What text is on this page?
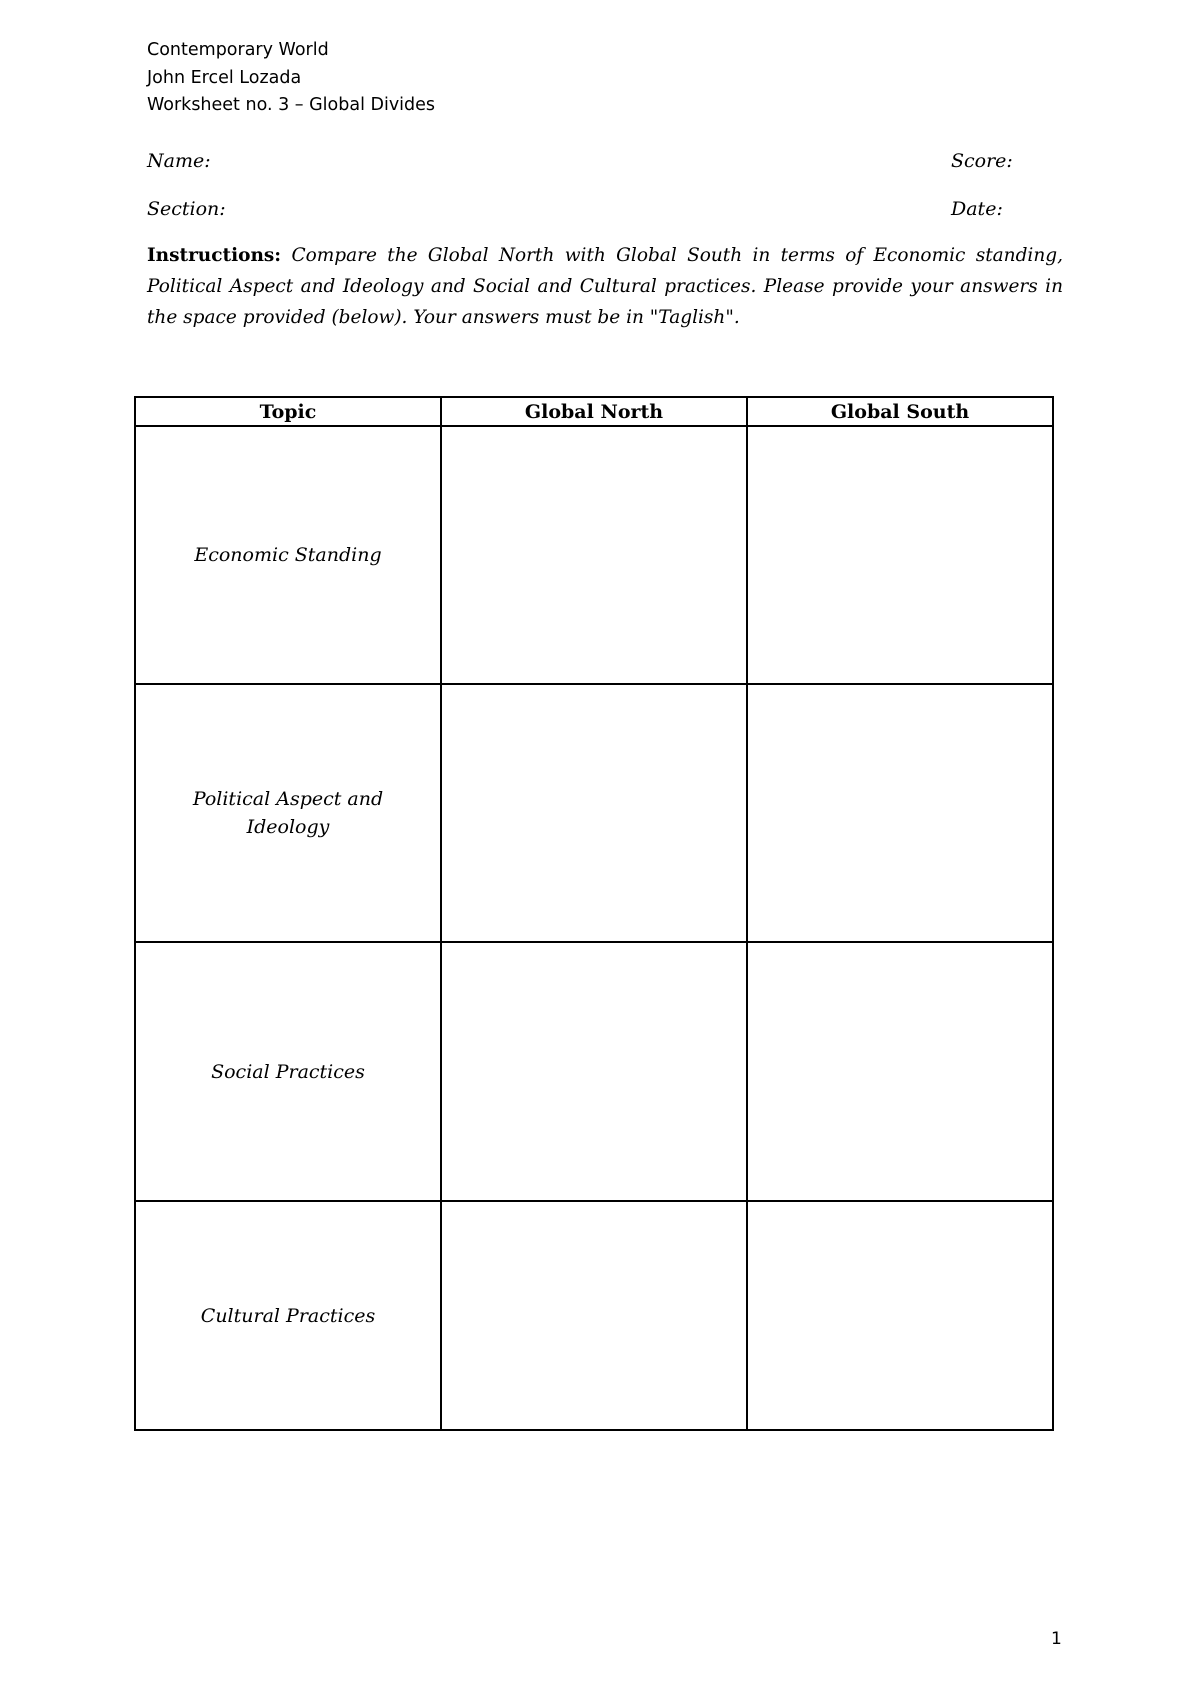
Contemporary World
John Ercel Lozada
Worksheet no. 3 – Global Divides
Name:	Score:
Section:	Date:
Instructions: Compare the Global North with Global South in terms of Economic standing, Political Aspect and Ideology and Social and Cultural practices. Please provide your answers in the space provided (below). Your answers must be in "Taglish".
Topic	Global North	Global South
Economic Standing		

Political Aspect and Ideology		

Social Practices		
Cultural Practices		
1
